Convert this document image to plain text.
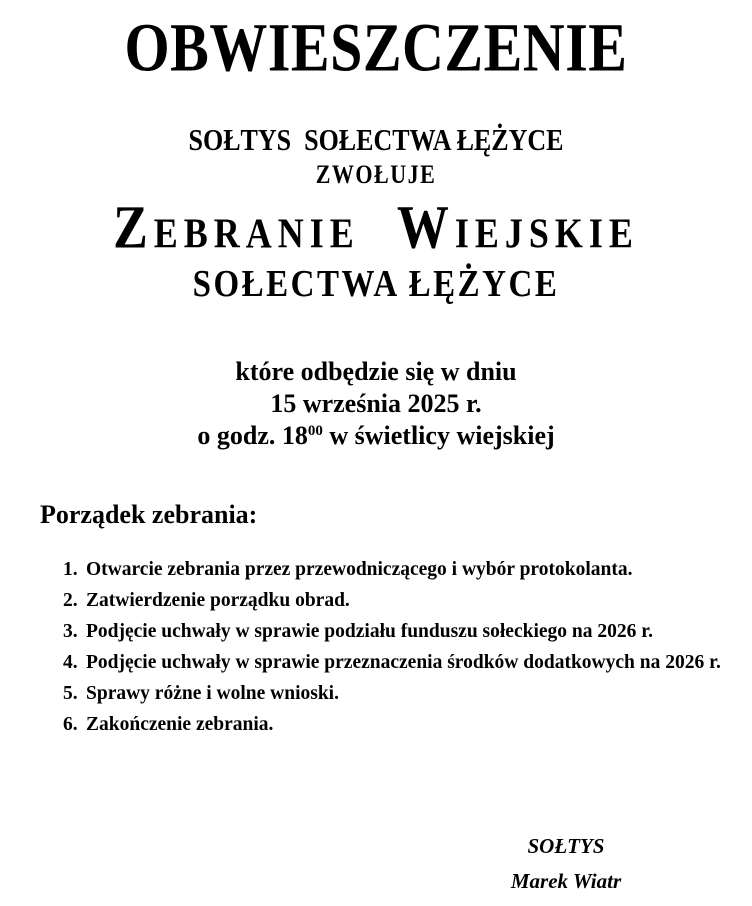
OBWIESZCZENIE
SOŁTYS  SOŁECTWA ŁĘŻYCE
ZWOŁUJE
Zebranie  Wiejskie
SOŁECTWA ŁĘŻYCE
które odbędzie się w dniu
15 września 2025 r.
o godz. $18^{00}$ w świetlicy wiejskiej
Porządek zebrania:
1. Otwarcie zebrania przez przewodniczącego i wybór protokolanta.
2. Zatwierdzenie porządku obrad.
3. Podjęcie uchwały w sprawie podziału funduszu sołeckiego na 2026 r.
4. Podjęcie uchwały w sprawie przeznaczenia środków dodatkowych na 2026 r.
5. Sprawy różne i wolne wnioski.
6. Zakończenie zebrania.
SOŁTYS
Marek Wiatr
